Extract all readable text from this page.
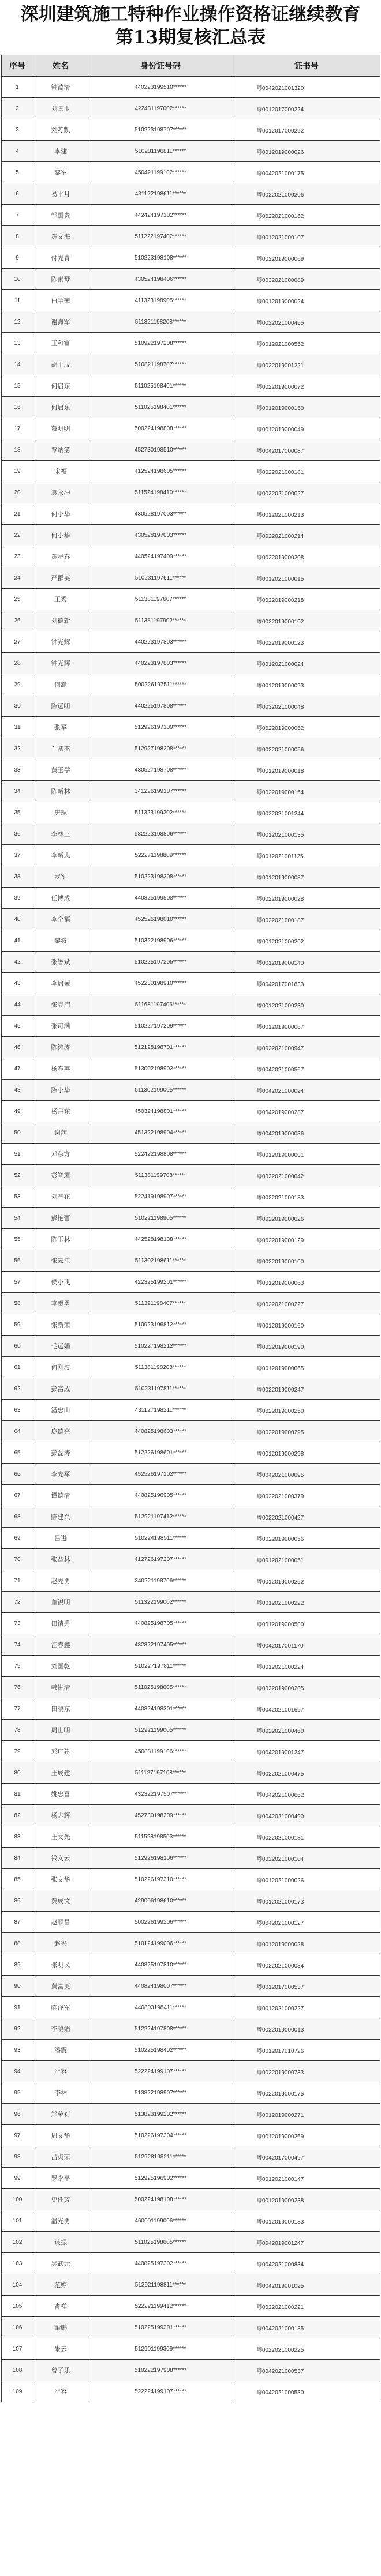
深圳建筑施工特种作业操作资格证继续教育
第13期复核汇总表
序号	姓名	身份证号码	证书号
1	钟德清	440223199510******	粤0042021001320
2	刘景玉	422431197002******	粤0012017000224
3	刘苏凯	510223198707******	粤0012017000292
4	李建	510231196811******	粤0012019000026
5	黎军	450421199102******	粤0042021000175
6	易平月	431122198611******	粤0022021000206
7	邹丽贵	442424197102******	粤0022021000162
8	黄文海	511222197402******	粤0012021000107
9	付先青	510223198108******	粤0022019000069
10	陈素琴	430524198406******	粤0032021000089
11	白学荣	411323198905******	粤0012019000024
12	谢海军	511321198208******	粤0022021000455
13	王和富	510922197208******	粤0012021000552
14	胡十辰	510821198707******	粤0022019001221
15	何启东	511025198401******	粤0022019000072
16	何启东	511025198401******	粤0012019000150
17	蔡明明	500224198808******	粤0012019000049
18	覃炳第	452730198510******	粤0042017000087
19	宋福	412524198605******	粤0022021000181
20	袁永冲	511524198410******	粤0022021000027
21	何小华	430528197003******	粤0012021000213
22	何小华	430528197003******	粤0022021000214
23	黄星春	440524197409******	粤0022019000208
24	严群英	510231197611******	粤0012021000015
25	王秀	511381197607******	粤0022019000218
26	刘德新	511381197902******	粤0022019000102
27	钟光辉	440223197803******	粤0022019000123
28	钟光辉	440223197803******	粤0012021000024
29	何嵩	500226197511******	粤0012019000093
30	陈远明	440225197808******	粤0032021000048
31	张军	512926197109******	粤0022019000062
32	兰初杰	512927198208******	粤0022021000056
33	黄玉学	430527198708******	粤0012019000018
34	陈新林	341226199107******	粤0022019000154
35	唐琨	511323199202******	粤0022021001244
36	李林三	532223198806******	粤0012021000135
37	李新忠	522271198809******	粤0012021001125
38	罗军	510223198308******	粤0012019000087
39	任博成	440825199508******	粤0022019000028
40	李全福	452526198010******	粤0022021000187
41	黎将	510322198906******	粤0012021000202
42	张智斌	510225197205******	粤0012019000140
43	李启荣	452230198910******	粤0042017001833
44	张克浦	511681197406******	粤0012021000230
45	张可满	510227197209******	粤0012019000067
46	陈涛涛	512128198701******	粤0022021000947
47	杨春英	513002198902******	粤0042021000567
48	陈小华	511302199005******	粤0042021000094
49	杨丹东	450324198801******	粤0042019000287
50	谢茜	451322198904******	粤0042019000036
51	邓东方	522422198808******	粤0012019000001
52	彭智瑾	511381199708******	粤0022021000042
53	刘晋花	522419198907******	粤0022021000183
54	熊艳蕾	510221198905******	粤0022019000026
55	陈玉林	442528198108******	粤0022019000129
56	张云江	511302198611******	粤0022019000100
57	侯小飞	422325199201******	粤0012019000063
58	李贺勇	511321198407******	粤0022021000227
59	张新荣	510923196812******	粤0012019000160
60	毛远娟	510227198212******	粤0022019000190
61	何刚波	511381198208******	粤0012019000065
62	彭富成	510231197811******	粤0022019000247
63	潘忠山	431127198211******	粤0022019000250
64	庞德亮	440825198603******	粤0022019000295
65	彭磊涛	512226198601******	粤0012019000298
66	李先军	452526197102******	粤0042021000095
67	谭德清	440825196905******	粤0022021000379
68	陈建兴	512921197412******	粤0022021000427
69	吕进	510224198511******	粤0022019000056
70	张益林	412726197207******	粤0012021000051
71	赵先勇	340221198706******	粤0012019000252
72	董锐明	511322199002******	粤0012021000222
73	田清秀	440825198705******	粤0012019000500
74	汪春鑫	432322197405******	粤0042017001170
75	刘国乾	510227197811******	粤0012021000224
76	韩进清	511025198005******	粤0022019000205
77	田晓东	440824198301******	粤0042021001697
78	周世明	512921199005******	粤0022021000460
79	邓广建	450881199106******	粤0042019001247
80	王成建	511127197108******	粤0022021000475
81	姚忠喜	432322197507******	粤0042021000662
82	杨志辉	452730198209******	粤0042021000490
83	王文先	511528198503******	粤0022021000181
84	钱义云	512926198106******	粤0022021000104
85	张文华	510226197310******	粤0012021000026
86	黄成文	429006198610******	粤0012021000173
87	赵顺昌	500226199206******	粤0042021000127
88	赵兴	510124199006******	粤0012019000028
89	张明民	440825197810******	粤0022021000034
90	黄富英	440824198007******	粤0012017000537
91	陈泽军	440803198411******	粤0012021000227
92	李晓娟	512224197808******	粤0022019000013
93	潘震	510225198402******	粤0012017010726
94	严容	522224199107******	粤0022019000733
95	李林	513822198907******	粤0022019000175
96	郑荣莉	513823199202******	粤0012019000271
97	周文华	510226197304******	粤0012019000269
98	吕贞荣	512928198211******	粤0042017000497
99	罗永平	512925196902******	粤0012021000147
100	史任芳	500224198108******	粤0012019000238
101	温光勇	460001199006******	粤0012019000183
102	谈振	511025198605******	粤0042019001247
103	吴武元	440825197302******	粤0042021000834
104	范婷	512921198811******	粤0042019001095
105	宵祥	522221199412******	粤0022021000221
106	梁鹏	510225199301******	粤0042021000135
107	朱云	512901199309******	粤0022021000225
108	曾子乐	510222197908******	粤0042021000537
109	严容	522224199107******	粤0042021000530
